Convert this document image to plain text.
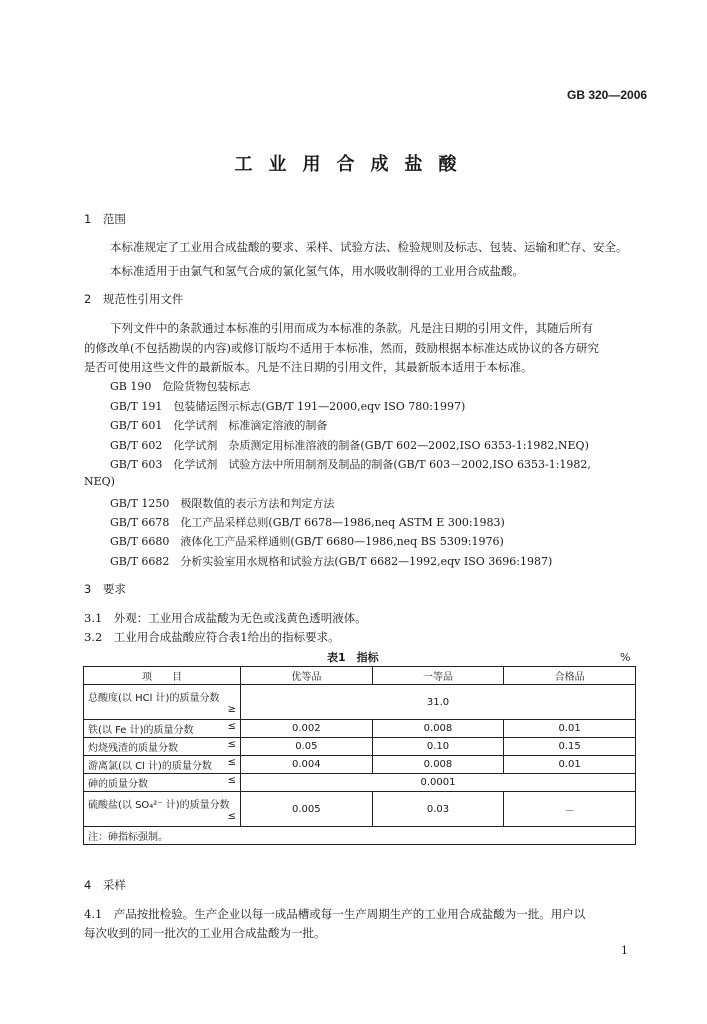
GB 320—2006
工业用合成盐酸
1　范围
本标准规定了工业用合成盐酸的要求、采样、试验方法、检验规则及标志、包装、运输和贮存、安全。
本标准适用于由氯气和氢气合成的氯化氢气体，用水吸收制得的工业用合成盐酸。
2　规范性引用文件
下列文件中的条款通过本标准的引用而成为本标准的条款。凡是注日期的引用文件，其随后所有
的修改单(不包括勘误的内容)或修订版均不适用于本标准，然而，鼓励根据本标准达成协议的各方研究
是否可使用这些文件的最新版本。凡是不注日期的引用文件，其最新版本适用于本标准。
GB 190　危险货物包装标志
GB/T 191　包装储运图示标志(GB/T 191—2000,eqv ISO 780:1997)
GB/T 601　化学试剂　标准滴定溶液的制备
GB/T 602　化学试剂　杂质测定用标准溶液的制备(GB/T 602—2002,ISO 6353-1:1982,NEQ)
GB/T 603　化学试剂　试验方法中所用制剂及制品的制备(GB/T 603－2002,ISO 6353-1:1982,
NEQ)
GB/T 1250　极限数值的表示方法和判定方法
GB/T 6678　化工产品采样总则(GB/T 6678—1986,neq ASTM E 300:1983)
GB/T 6680　液体化工产品采样通则(GB/T 6680—1986,neq BS 5309:1976)
GB/T 6682　分析实验室用水规格和试验方法(GB/T 6682—1992,eqv ISO 3696:1987)
3　要求
3.1　外观：工业用合成盐酸为无色或浅黄色透明液体。
3.2　工业用合成盐酸应符合表1给出的指标要求。
表1　指标	%
项　　目	优等品	一等品	合格品

总酸度(以 HCl 计)的质量分数
≥	31.0		
铁(以 Fe 计)的质量分数 ≤	0.002	0.008	0.01
灼烧残渣的质量分数 ≤	0.05	0.10	0.15
游离氯(以 Cl 计)的质量分数 ≤	0.004	0.008	0.01
砷的质量分数 ≤	0.0001		

硫酸盐(以 SO₄²⁻ 计)的质量分数
≤	0.005	0.03	－
注：砷指标强制。			
4　采样
4.1　产品按批检验。生产企业以每一成品槽或每一生产周期生产的工业用合成盐酸为一批。用户以
每次收到的同一批次的工业用合成盐酸为一批。
1
